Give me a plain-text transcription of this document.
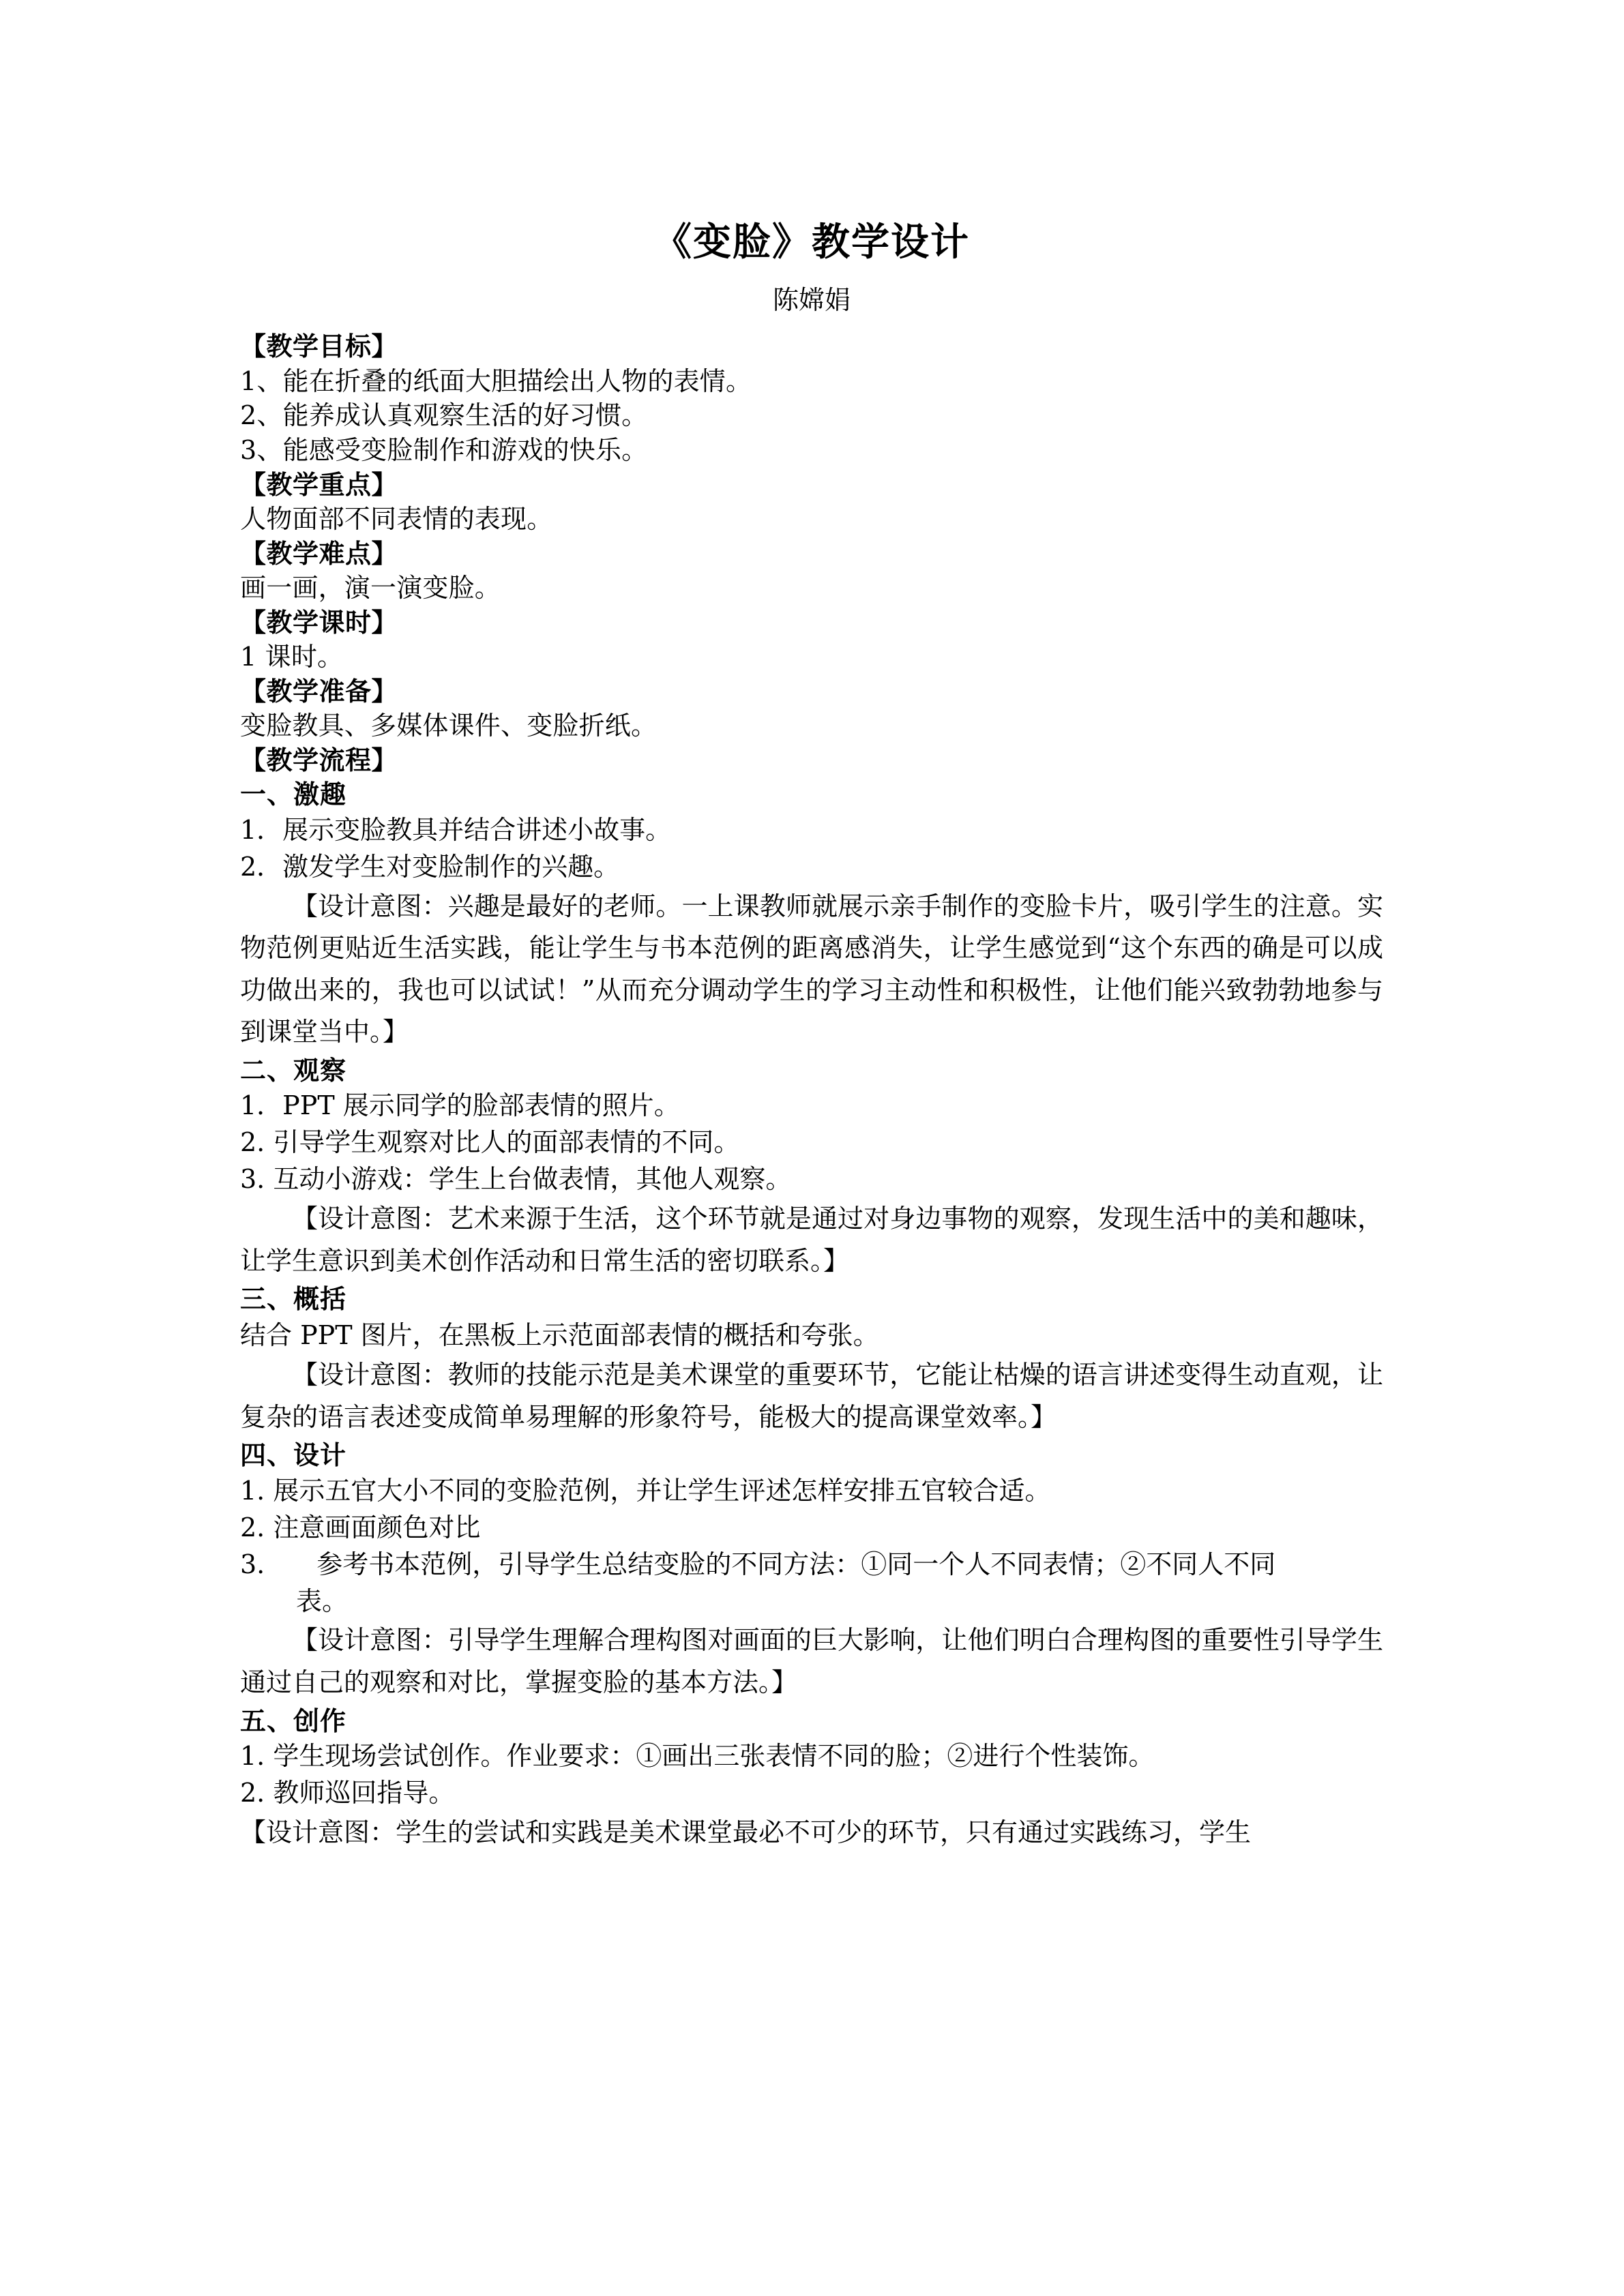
《变脸》教学设计
陈嫦娟
【教学目标】
1、能在折叠的纸面大胆描绘出人物的表情。
2、能养成认真观察生活的好习惯。
3、能感受变脸制作和游戏的快乐。
【教学重点】
人物面部不同表情的表现。
【教学难点】
画一画，演一演变脸。
【教学课时】
1 课时。
【教学准备】
变脸教具、多媒体课件、变脸折纸。
【教学流程】
一、激趣
1．展示变脸教具并结合讲述小故事。
2．激发学生对变脸制作的兴趣。
【设计意图：兴趣是最好的老师。一上课教师就展示亲手制作的变脸卡片，吸引学生的注意。实物范例更贴近生活实践，能让学生与书本范例的距离感消失，让学生感觉到“这个东西的确是可以成功做出来的，我也可以试试！”从而充分调动学生的学习主动性和积极性，让他们能兴致勃勃地参与到课堂当中。】
二、观察
1．PPT 展示同学的脸部表情的照片。
2. 引导学生观察对比人的面部表情的不同。
3. 互动小游戏：学生上台做表情，其他人观察。
【设计意图：艺术来源于生活，这个环节就是通过对身边事物的观察，发现生活中的美和趣味，让学生意识到美术创作活动和日常生活的密切联系。】
三、概括
结合 PPT 图片，在黑板上示范面部表情的概括和夸张。
【设计意图：教师的技能示范是美术课堂的重要环节，它能让枯燥的语言讲述变得生动直观，让复杂的语言表述变成简单易理解的形象符号，能极大的提高课堂效率。】
四、设计
1. 展示五官大小不同的变脸范例，并让学生评述怎样安排五官较合适。
2. 注意画面颜色对比
3.　　参考书本范例，引导学生总结变脸的不同方法：①同一个人不同表情；②不同人不同
表。
【设计意图：引导学生理解合理构图对画面的巨大影响，让他们明白合理构图的重要性引导学生通过自己的观察和对比，掌握变脸的基本方法。】
五、创作
1. 学生现场尝试创作。作业要求：①画出三张表情不同的脸；②进行个性装饰。
2. 教师巡回指导。
【设计意图：学生的尝试和实践是美术课堂最必不可少的环节，只有通过实践练习，学生
